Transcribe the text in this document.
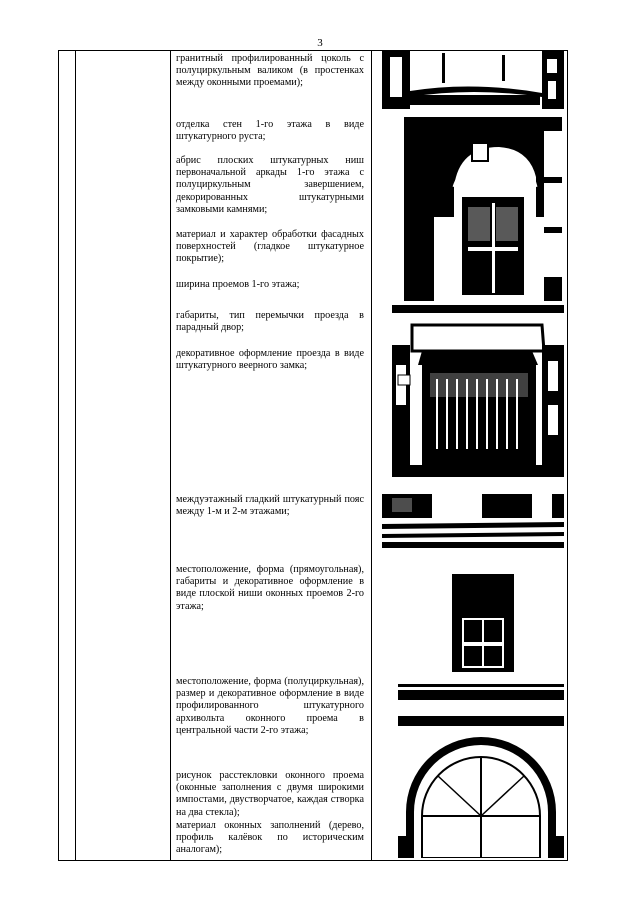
3
гранитный профилированный цоколь с полуциркульным валиком (в простенках между оконными проемами);
отделка стен 1-го этажа в виде штукатурного руста;
абрис плоских штукатурных ниш первоначальной аркады 1-го этажа с полуциркульным завершением, декорированных штукатурными замковыми камнями;
материал и характер обработки фасадных поверхностей (гладкое штукатурное покрытие);
ширина проемов 1-го этажа;
габариты, тип перемычки проезда в парадный двор;
декоративное оформление проезда в виде штукатурного веерного замка;
междуэтажный гладкий штукатурный пояс между 1-м и 2-м этажами;
местоположение, форма (прямоугольная), габариты и декоративное оформление в виде плоской ниши оконных проемов 2-го этажа;
местоположение, форма (полуциркульная), размер и декоративное оформление в виде профилированного штукатурного архивольта оконного проема в центральной части 2-го этажа;
рисунок расстекловки оконного проема (оконные заполнения с двумя широкими импостами, двустворчатое, каждая створка на два стекла);
материал оконных заполнений (дерево, профиль калёвок по историческим аналогам);
